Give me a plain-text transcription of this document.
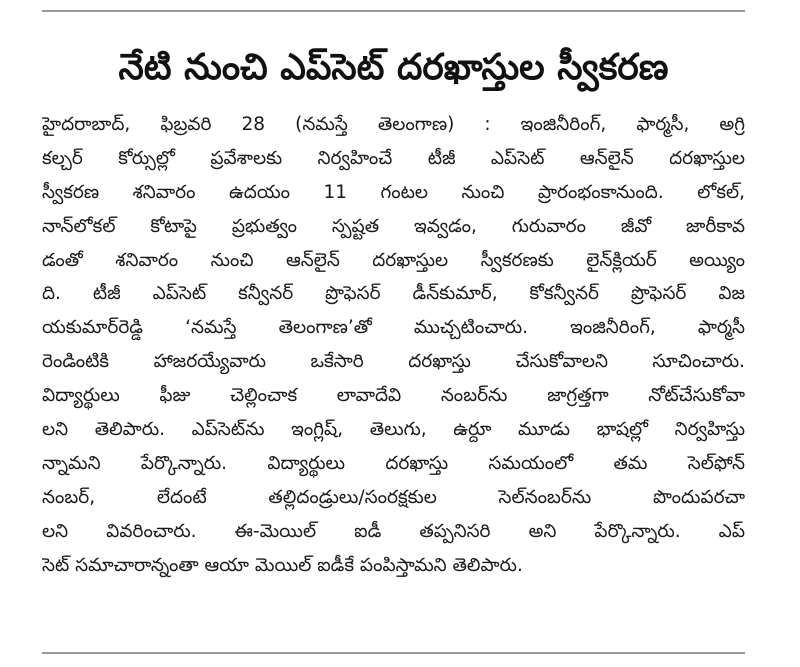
నేటి నుంచి ఎప్‌సెట్ దరఖాస్తుల స్వీకరణ
హైదరాబాద్, ఫిబ్రవరి 28 (నమస్తే తెలంగాణ) : ఇంజినీరింగ్, ఫార్మసీ, అగ్రి
కల్చర్ కోర్సుల్లో ప్రవేశాలకు నిర్వహించే టీజీ ఎప్‌సెట్ ఆన్‌లైన్ దరఖాస్తుల
స్వీకరణ శనివారం ఉదయం 11 గంటల నుంచి ప్రారంభంకానుంది. లోకల్,
నాన్‌లోకల్ కోటాపై ప్రభుత్వం స్పష్టత ఇవ్వడం, గురువారం జీవో జారీకావ
డంతో శనివారం నుంచి ఆన్‌లైన్ దరఖాస్తుల స్వీకరణకు లైన్‌క్లియర్ అయ్యిం
ది. టీజీ ఎప్‌సెట్ కన్వీనర్ ప్రొఫెసర్ డీన్‌కుమార్, కోకన్వీనర్ ప్రొఫెసర్ విజ
యకుమార్‌రెడ్డి ‘నమస్తే తెలంగాణ’తో ముచ్చటించారు. ఇంజినీరింగ్, ఫార్మసీ
రెండింటికి హాజరయ్యేవారు ఒకేసారి దరఖాస్తు చేసుకోవాలని సూచించారు.
విద్యార్థులు ఫీజు చెల్లించాక లావాదేవి నంబర్‌ను జాగ్రత్తగా నోట్‌చేసుకోవా
లని తెలిపారు. ఎప్‌సెట్‌ను ఇంగ్లిష్, తెలుగు, ఉర్దూ మూడు భాషల్లో నిర్వహిస్తు
న్నామని పేర్కొన్నారు. విద్యార్థులు దరఖాస్తు సమయంలో తమ సెల్‌ఫోన్
నంబర్, లేదంటే తల్లిదండ్రులు/సంరక్షకుల సెల్‌నంబర్‌ను పొందుపరచా
లని వివరించారు. ఈ-మెయిల్ ఐడీ తప్పనిసరి అని పేర్కొన్నారు. ఎప్
సెట్ సమాచారాన్నంతా ఆయా మెయిల్ ఐడీకే పంపిస్తామని తెలిపారు.
